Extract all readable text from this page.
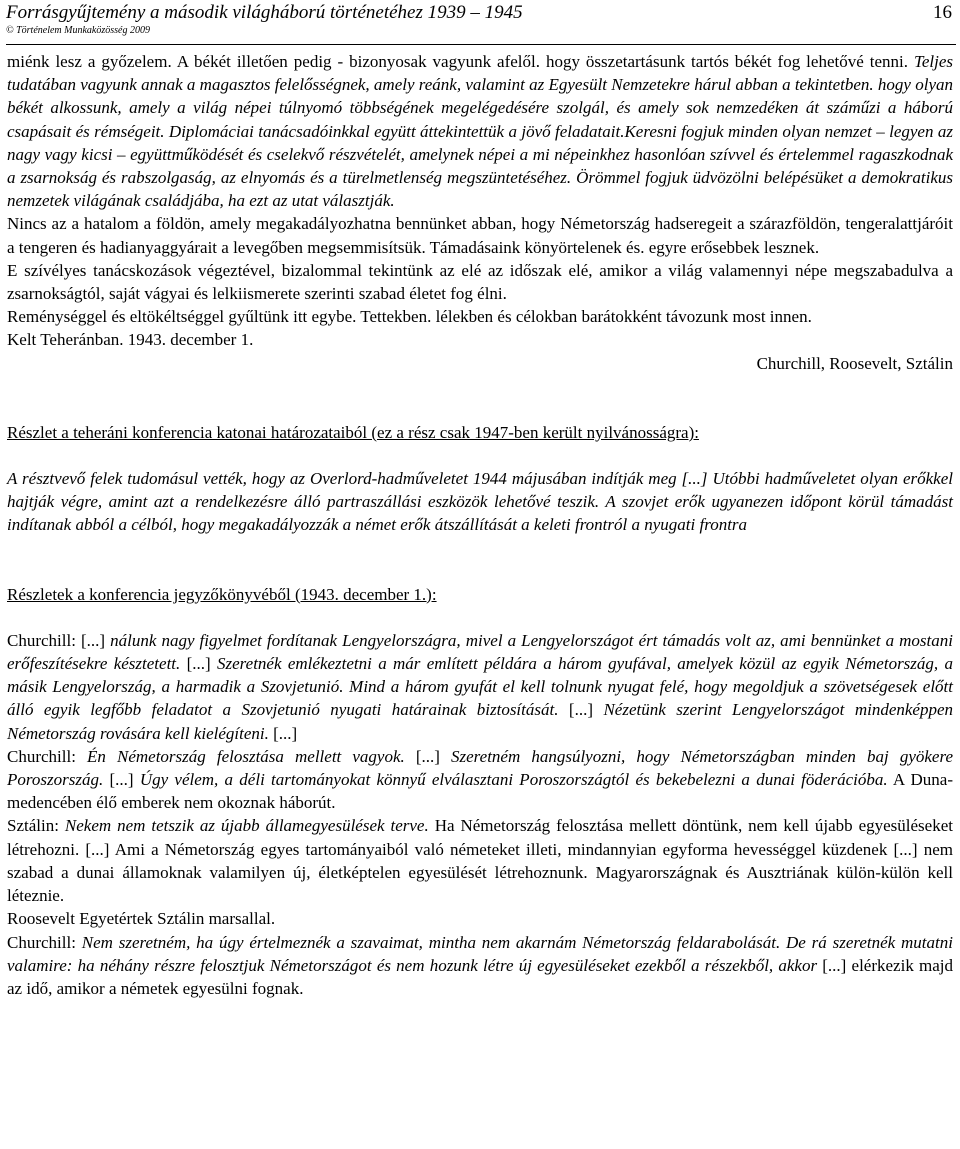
Forrásgyűjtemény a második világháború történetéhez 1939 – 1945
© Történelem Munkaközösség 2009
16

miénk lesz a győzelem. A békét illetően pedig - bizonyosak vagyunk afelől. hogy összetartásunk tartós békét fog lehetővé tenni. Teljes tudatában vagyunk annak a magasztos felelősségnek, amely reánk, valamint az Egyesült Nemzetekre hárul abban a tekintetben. hogy olyan békét alkossunk, amely a világ népei túlnyomó többségének megelégedésére szolgál, és amely sok nemzedéken át száműzi a háború csapásait és rémségeit. Diplomáciai tanácsadóinkkal együtt áttekintettük a jövő feladatait.Keresni fogjuk minden olyan nemzet – legyen az nagy vagy kicsi – együttműködését és cselekvő részvételét, amelynek népei a mi népeinkhez hasonlóan szívvel és értelemmel ragaszkodnak a zsarnokság és rabszolgaság, az elnyomás és a türelmetlenség megszüntetéséhez. Örömmel fogjuk üdvözölni belépésüket a demokratikus nemzetek világának családjába, ha ezt az utat választják.

Nincs az a hatalom a földön, amely megakadályozhatna bennünket abban, hogy Németország hadseregeit a szárazföldön, tengeralattjáróit a tengeren és hadianyaggyárait a levegőben megsemmisítsük. Támadásaink könyörtelenek és. egyre erősebbek lesznek.

E szívélyes tanácskozások végeztével, bizalommal tekintünk az elé az időszak elé, amikor a világ valamennyi népe megszabadulva a zsarnokságtól, saját vágyai és lelkiismerete szerinti szabad életet fog élni.

Reménységgel és eltökéltséggel gyűltünk itt egybe. Tettekben. lélekben és célokban barátokként távozunk most innen.

Kelt Teheránban. 1943. december 1.

Churchill, Roosevelt, Sztálin

Részlet a teheráni konferencia katonai határozataiból (ez a rész csak 1947-ben került nyilvánosságra):

A résztvevő felek tudomásul vették, hogy az Overlord-hadműveletet 1944 májusában indítják meg [...] Utóbbi hadműveletet olyan erőkkel hajtják végre, amint azt a rendelkezésre álló partraszállási eszközök lehetővé teszik. A szovjet erők ugyanezen időpont körül támadást indítanak abból a célból, hogy megakadályozzák a német erők átszállítását a keleti frontról a nyugati frontra

Részletek a konferencia jegyzőkönyvéből (1943. december 1.):

Churchill: [...] nálunk nagy figyelmet fordítanak Lengyelországra, mivel a Lengyelországot ért támadás volt az, ami bennünket a mostani erőfeszítésekre késztetett. [...] Szeretnék emlékeztetni a már említett példára a három gyufával, amelyek közül az egyik Németország, a másik Lengyelország, a harmadik a Szovjetunió. Mind a három gyufát el kell tolnunk nyugat felé, hogy megoldjuk a szövetségesek előtt álló egyik legfőbb feladatot a Szovjetunió nyugati határainak biztosítását. [...] Nézetünk szerint Lengyelországot mindenképpen Németország rovására kell kielégíteni. [...]

Churchill: Én Németország felosztása mellett vagyok. [...] Szeretném hangsúlyozni, hogy Németországban minden baj gyökere Poroszország. [...] Úgy vélem, a déli tartományokat könnyű elválasztani Poroszországtól és bekebelezni a dunai föderációba. A Duna-medencében élő emberek nem okoznak háborút.

Sztálin: Nekem nem tetszik az újabb államegyesülések terve. Ha Németország felosztása mellett döntünk, nem kell újabb egyesüléseket létrehozni. [...] Ami a Németország egyes tartományaiból való németeket illeti, mindannyian egyforma hevességgel küzdenek [...] nem szabad a dunai államoknak valamilyen új, életképtelen egyesülését létrehoznunk. Magyarországnak és Ausztriának külön-külön kell léteznie.

Roosevelt Egyetértek Sztálin marsallal.

Churchill: Nem szeretném, ha úgy értelmeznék a szavaimat, mintha nem akarnám Németország feldarabolását. De rá szeretnék mutatni valamire: ha néhány részre felosztjuk Németországot és nem hozunk létre új egyesüléseket ezekből a részekből, akkor [...] elérkezik majd az idő, amikor a németek egyesülni fognak.
